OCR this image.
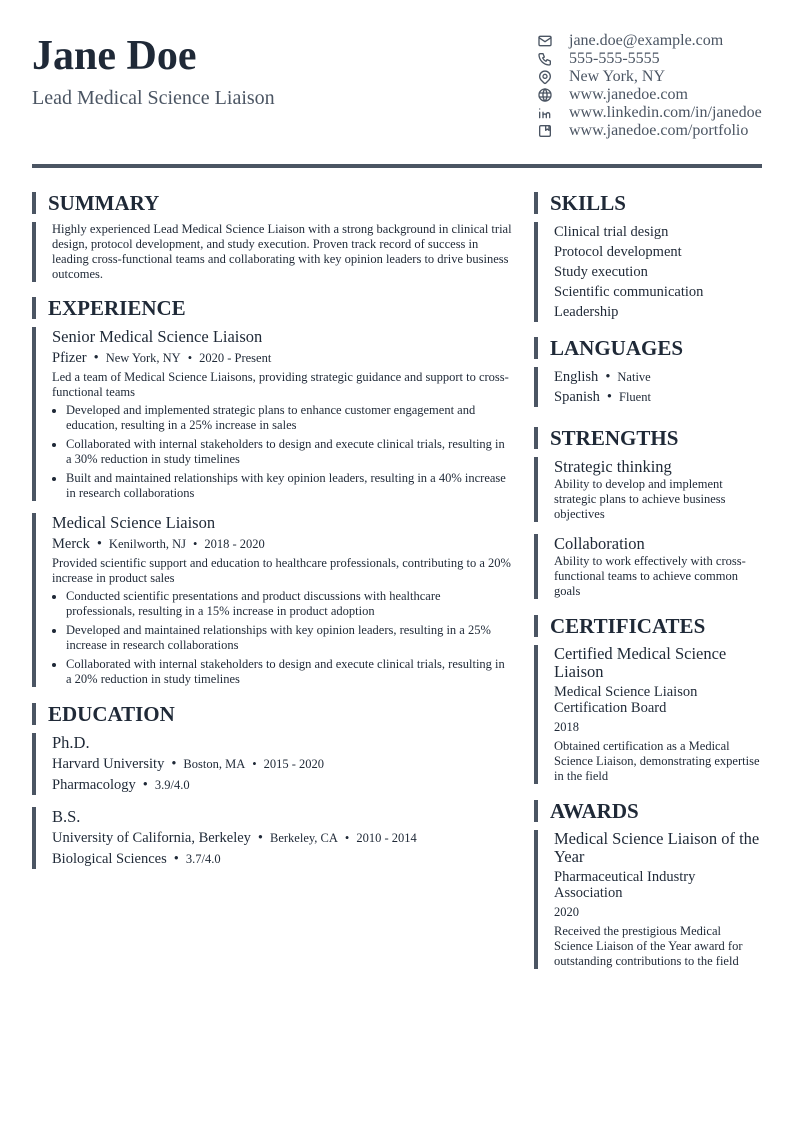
Jane Doe
Lead Medical Science Liaison
jane.doe@example.com
555-555-5555
New York, NY
www.janedoe.com
www.linkedin.com/in/janedoe
www.janedoe.com/portfolio
SUMMARY
Highly experienced Lead Medical Science Liaison with a strong background in clinical trial design, protocol development, and study execution. Proven track record of success in leading cross-functional teams and collaborating with key opinion leaders to drive business outcomes.
EXPERIENCE
Senior Medical Science Liaison
Pfizer • New York, NY • 2020 - Present
Led a team of Medical Science Liaisons, providing strategic guidance and support to cross-functional teams
• Developed and implemented strategic plans to enhance customer engagement and education, resulting in a 25% increase in sales
• Collaborated with internal stakeholders to design and execute clinical trials, resulting in a 30% reduction in study timelines
• Built and maintained relationships with key opinion leaders, resulting in a 40% increase in research collaborations
Medical Science Liaison
Merck • Kenilworth, NJ • 2018 - 2020
Provided scientific support and education to healthcare professionals, contributing to a 20% increase in product sales
• Conducted scientific presentations and product discussions with healthcare professionals, resulting in a 15% increase in product adoption
• Developed and maintained relationships with key opinion leaders, resulting in a 25% increase in research collaborations
• Collaborated with internal stakeholders to design and execute clinical trials, resulting in a 20% reduction in study timelines
EDUCATION
Ph.D.
Harvard University • Boston, MA • 2015 - 2020
Pharmacology • 3.9/4.0
B.S.
University of California, Berkeley • Berkeley, CA • 2010 - 2014
Biological Sciences • 3.7/4.0
SKILLS
Clinical trial design
Protocol development
Study execution
Scientific communication
Leadership
LANGUAGES
English • Native
Spanish • Fluent
STRENGTHS
Strategic thinking
Ability to develop and implement strategic plans to achieve business objectives
Collaboration
Ability to work effectively with cross-functional teams to achieve common goals
CERTIFICATES
Certified Medical Science Liaison
Medical Science Liaison Certification Board
2018
Obtained certification as a Medical Science Liaison, demonstrating expertise in the field
AWARDS
Medical Science Liaison of the Year
Pharmaceutical Industry Association
2020
Received the prestigious Medical Science Liaison of the Year award for outstanding contributions to the field
